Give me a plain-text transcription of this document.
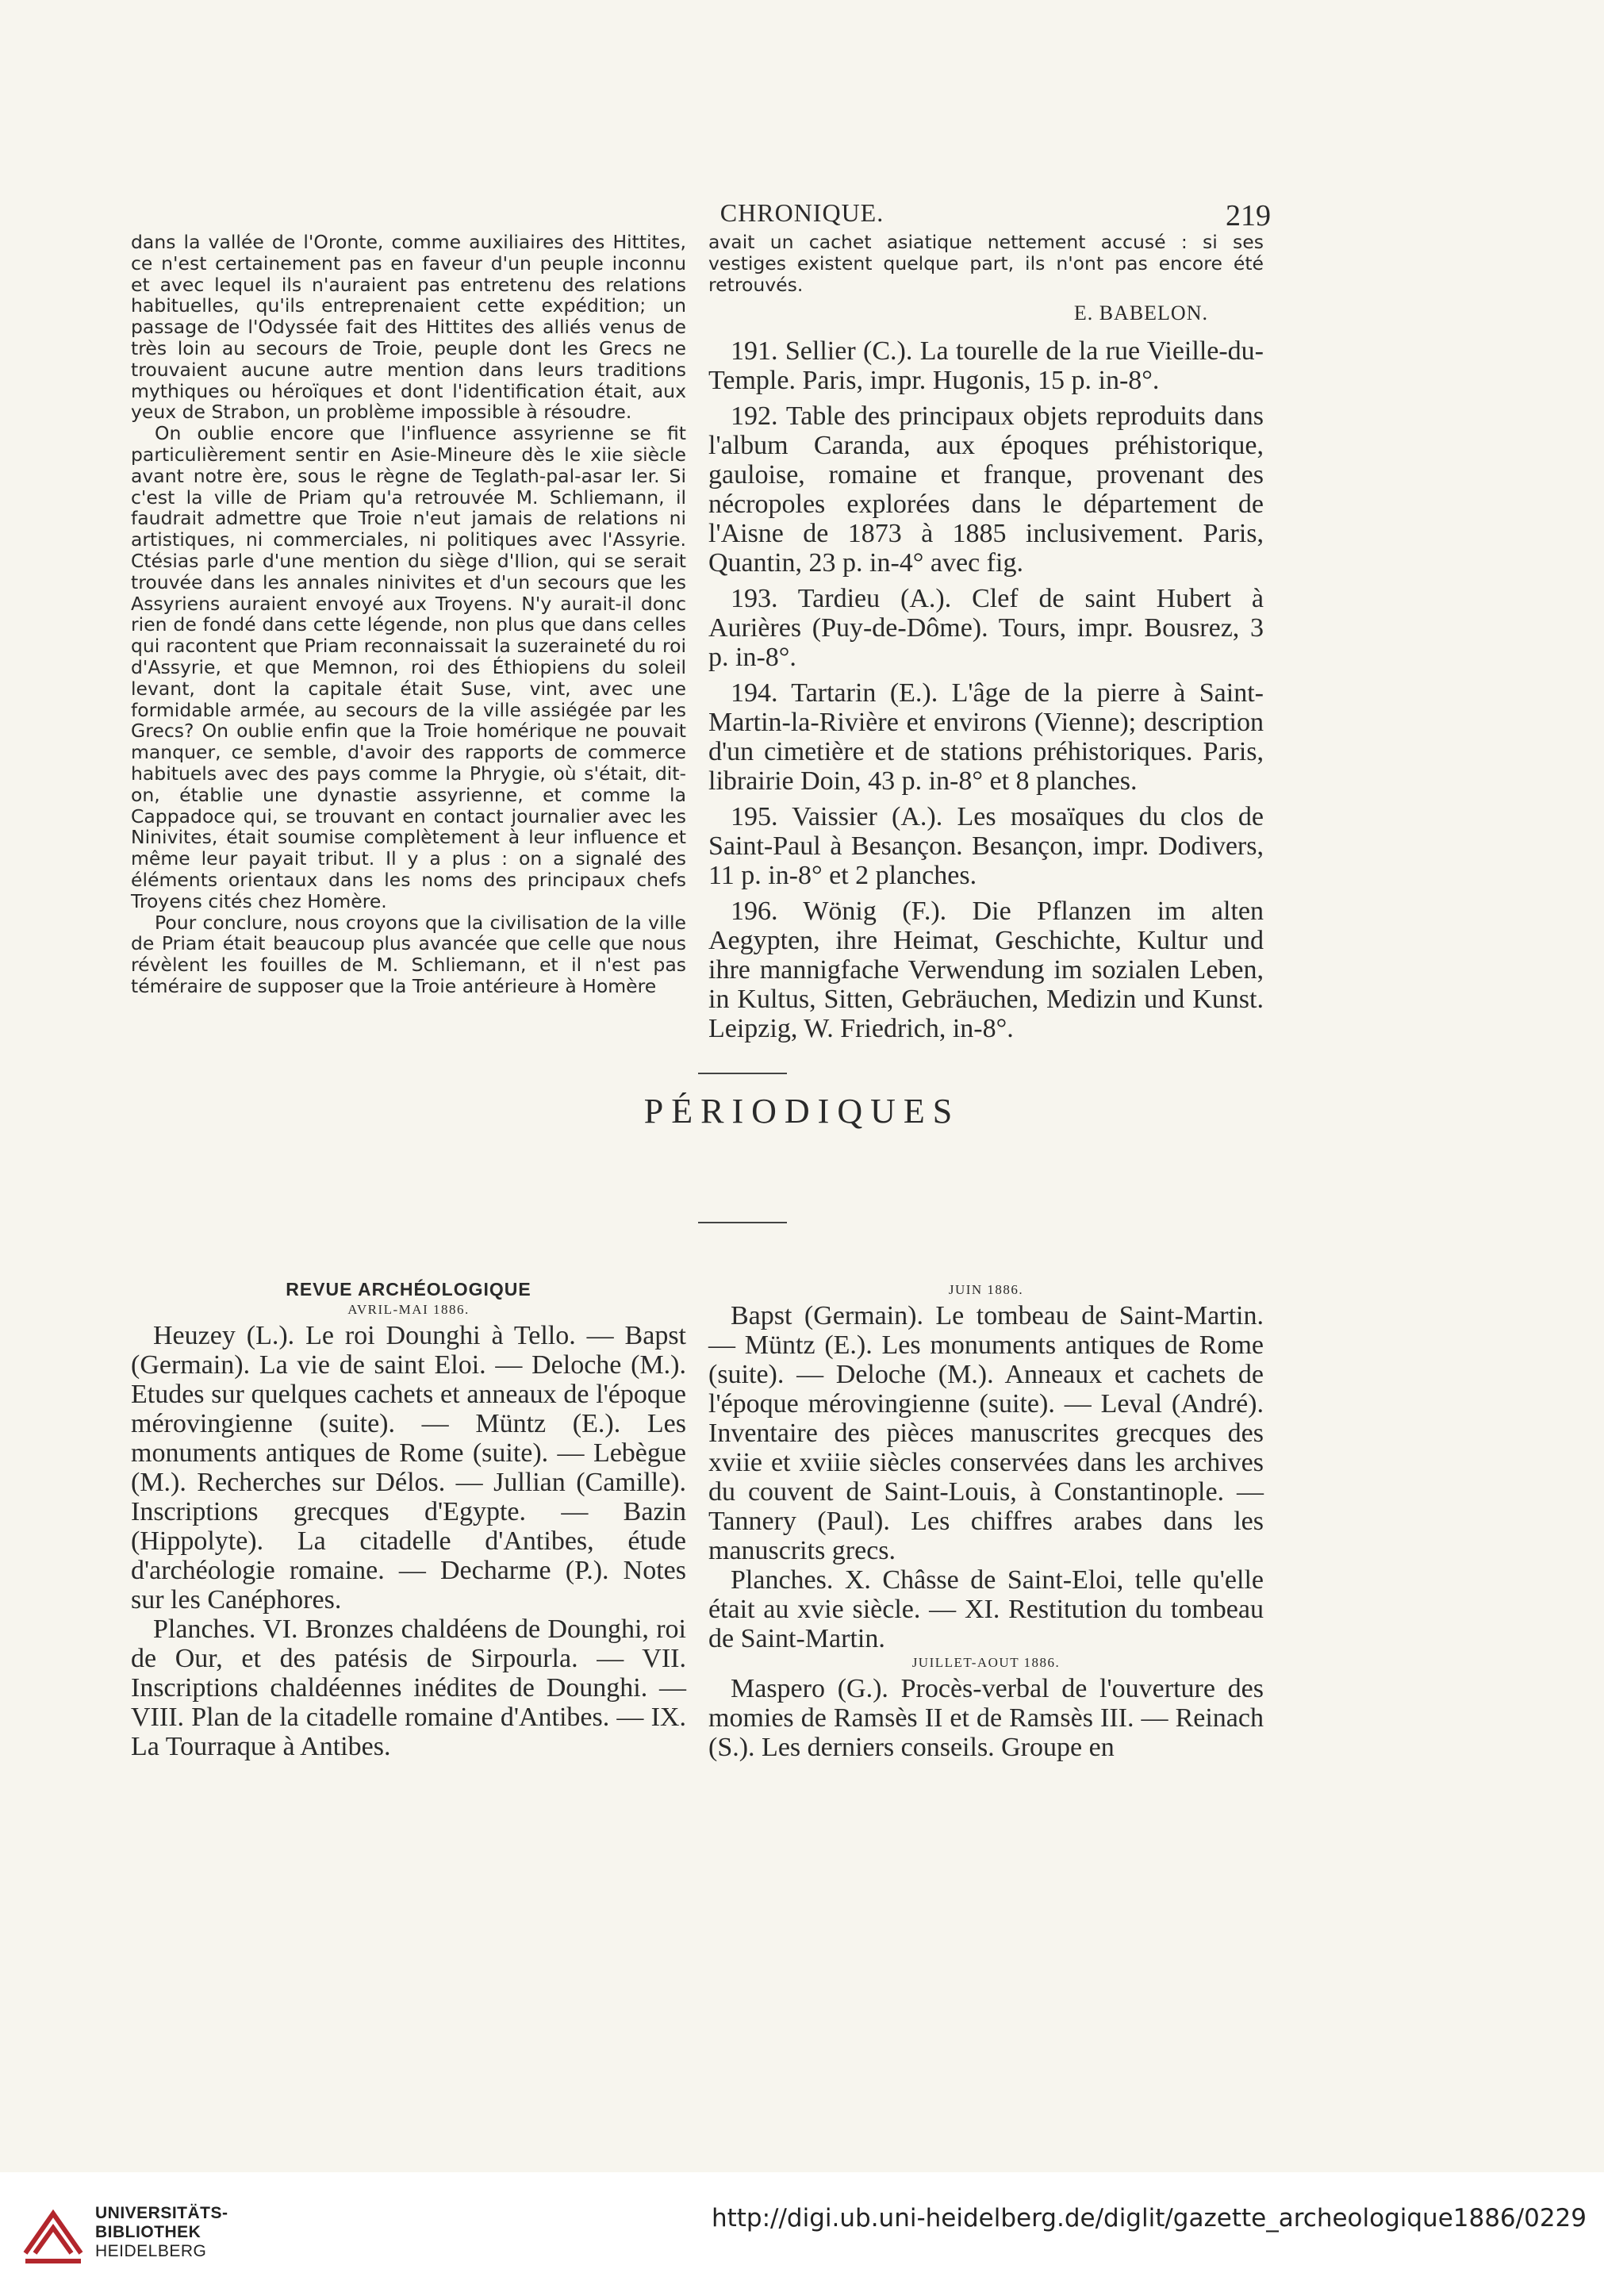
CHRONIQUE.	219

dans la vallée de l'Oronte, comme auxiliaires des Hittites, ce n'est certainement pas en faveur d'un peuple inconnu et avec lequel ils n'auraient pas entretenu des relations habituelles, qu'ils entreprenaient cette expédition; un passage de l'Odyssée fait des Hittites des alliés venus de très loin au secours de Troie, peuple dont les Grecs ne trouvaient aucune autre mention dans leurs traditions mythiques ou héroïques et dont l'identification était, aux yeux de Strabon, un problème impossible à résoudre.

On oublie encore que l'influence assyrienne se fit particulièrement sentir en Asie-Mineure dès le xiie siècle avant notre ère, sous le règne de Teglath-pal-asar Ier. Si c'est la ville de Priam qu'a retrouvée M. Schliemann, il faudrait admettre que Troie n'eut jamais de relations ni artistiques, ni commerciales, ni politiques avec l'Assyrie. Ctésias parle d'une mention du siège d'Ilion, qui se serait trouvée dans les annales ninivites et d'un secours que les Assyriens auraient envoyé aux Troyens. N'y aurait-il donc rien de fondé dans cette légende, non plus que dans celles qui racontent que Priam reconnaissait la suzeraineté du roi d'Assyrie, et que Memnon, roi des Éthiopiens du soleil levant, dont la capitale était Suse, vint, avec une formidable armée, au secours de la ville assiégée par les Grecs? On oublie enfin que la Troie homérique ne pouvait manquer, ce semble, d'avoir des rapports de commerce habituels avec des pays comme la Phrygie, où s'était, dit-on, établie une dynastie assyrienne, et comme la Cappadoce qui, se trouvant en contact journalier avec les Ninivites, était soumise complètement à leur influence et même leur payait tribut. Il y a plus : on a signalé des éléments orientaux dans les noms des principaux chefs Troyens cités chez Homère.

Pour conclure, nous croyons que la civilisation de la ville de Priam était beaucoup plus avancée que celle que nous révèlent les fouilles de M. Schliemann, et il n'est pas téméraire de supposer que la Troie antérieure à Homère

avait un cachet asiatique nettement accusé : si ses vestiges existent quelque part, ils n'ont pas encore été retrouvés.

E. BABELON.
191. Sellier (C.). La tourelle de la rue Vieille-du-Temple. Paris, impr. Hugonis, 15 p. in-8°.
192. Table des principaux objets reproduits dans l'album Caranda, aux époques préhistorique, gauloise, romaine et franque, provenant des nécropoles explorées dans le département de l'Aisne de 1873 à 1885 inclusivement. Paris, Quantin, 23 p. in-4° avec fig.
193. Tardieu (A.). Clef de saint Hubert à Aurières (Puy-de-Dôme). Tours, impr. Bousrez, 3 p. in-8°.
194. Tartarin (E.). L'âge de la pierre à Saint-Martin-la-Rivière et environs (Vienne); description d'un cimetière et de stations préhistoriques. Paris, librairie Doin, 43 p. in-8° et 8 planches.
195. Vaissier (A.). Les mosaïques du clos de Saint-Paul à Besançon. Besançon, impr. Dodivers, 11 p. in-8° et 2 planches.
196. Wönig (F.). Die Pflanzen im alten Aegypten, ihre Heimat, Geschichte, Kultur und ihre mannigfache Verwendung im sozialen Leben, in Kultus, Sitten, Gebräuchen, Medizin und Kunst. Leipzig, W. Friedrich, in-8°.
PÉRIODIQUES
REVUE ARCHÉOLOGIQUE
AVRIL-MAI 1886.

Heuzey (L.). Le roi Dounghi à Tello. — Bapst (Germain). La vie de saint Eloi. — Deloche (M.). Etudes sur quelques cachets et anneaux de l'époque mérovingienne (suite). — Müntz (E.). Les monuments antiques de Rome (suite). — Lebègue (M.). Recherches sur Délos. — Jullian (Camille). Inscriptions grecques d'Egypte. — Bazin (Hippolyte). La citadelle d'Antibes, étude d'archéologie romaine. — Decharme (P.). Notes sur les Canéphores.

Planches. VI. Bronzes chaldéens de Dounghi, roi de Our, et des patésis de Sirpourla. — VII. Inscriptions chaldéennes inédites de Dounghi. — VIII. Plan de la citadelle romaine d'Antibes. — IX. La Tourraque à Antibes.

JUIN 1886.

Bapst (Germain). Le tombeau de Saint-Martin. — Müntz (E.). Les monuments antiques de Rome (suite). — Deloche (M.). Anneaux et cachets de l'époque mérovingienne (suite). — Leval (André). Inventaire des pièces manuscrites grecques des xviie et xviiie siècles conservées dans les archives du couvent de Saint-Louis, à Constantinople. — Tannery (Paul). Les chiffres arabes dans les manuscrits grecs.

Planches. X. Châsse de Saint-Eloi, telle qu'elle était au xvie siècle. — XI. Restitution du tombeau de Saint-Martin.

JUILLET-AOUT 1886.

Maspero (G.). Procès-verbal de l'ouverture des momies de Ramsès II et de Ramsès III. — Reinach (S.). Les derniers conseils. Groupe en

UNIVERSITÄTS-
BIBLIOTHEK
HEIDELBERG
http://digi.ub.uni-heidelberg.de/diglit/gazette_archeologique1886/0229
